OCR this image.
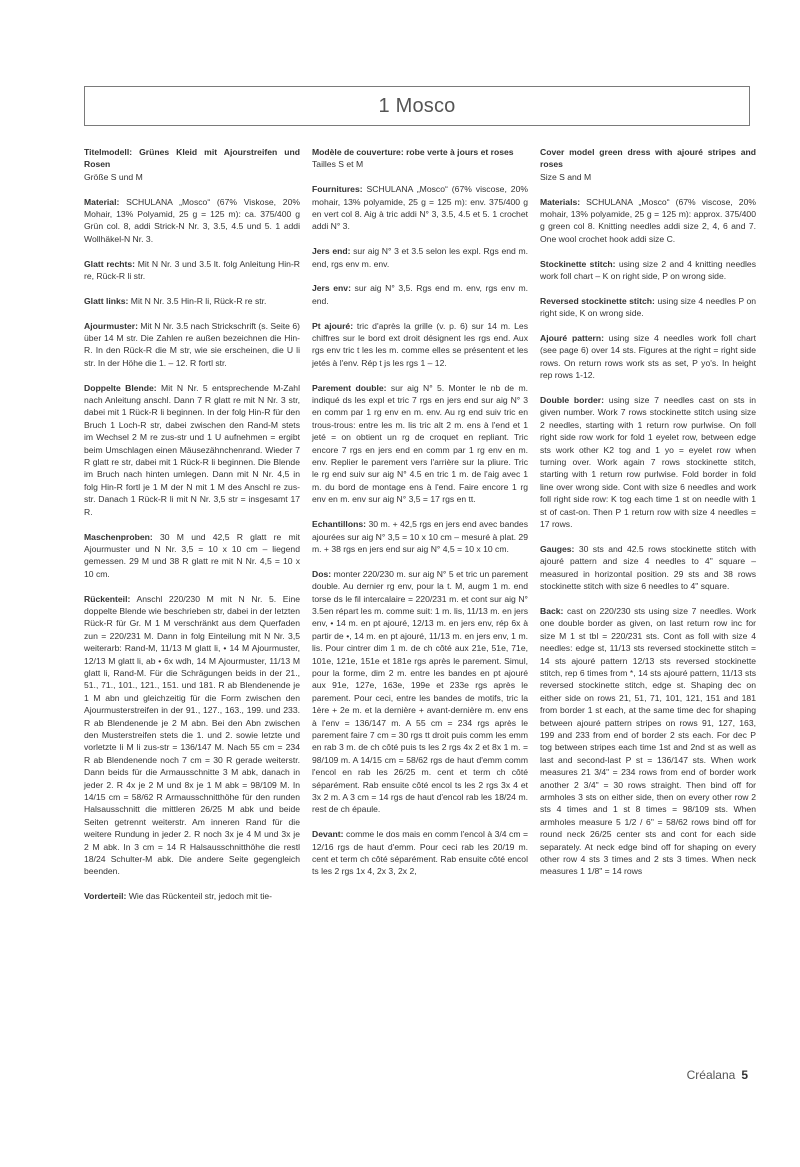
1 Mosco
Titelmodell: Grünes Kleid mit Ajourstreifen und Rosen
Größe S und M

Material: SCHULANA „Mosco“ (67% Viskose, 20% Mohair, 13% Polyamid, 25 g = 125 m): ca. 375/400 g Grün col. 8, addi Strick-N Nr. 3, 3.5, 4.5 und 5. 1 addi Wollhäkel-N Nr. 3.

Glatt rechts: Mit N Nr. 3 und 3.5 lt. folg Anleitung Hin-R re, Rück-R li str.

Glatt links: Mit N Nr. 3.5 Hin-R li, Rück-R re str.

Ajourmuster: Mit N Nr. 3.5 nach Strickschrift (s. Seite 6) über 14 M str. Die Zahlen re außen bezeichnen die Hin-R. In den Rück-R die M str, wie sie erscheinen, die U li str. In der Höhe die 1. – 12. R fortl str.

Doppelte Blende: Mit N Nr. 5 entsprechende M-Zahl nach Anleitung anschl. Dann 7 R glatt re mit N Nr. 3 str, dabei mit 1 Rück-R li beginnen. In der folg Hin-R für den Bruch 1 Loch-R str, dabei zwischen den Rand-M stets im Wechsel 2 M re zus-str und 1 U aufnehmen = ergibt beim Umschlagen einen Mäusezähnchenrand. Wieder 7 R glatt re str, dabei mit 1 Rück-R li beginnen. Die Blende im Bruch nach hinten umlegen. Dann mit N Nr. 4,5 in folg Hin-R fortl je 1 M der N mit 1 M des Anschl re zus-str. Danach 1 Rück-R li mit N Nr. 3,5 str = insgesamt 17 R.

Maschenproben: 30 M und 42,5 R glatt re mit Ajourmuster und N Nr. 3,5 = 10 x 10 cm – liegend gemessen. 29 M und 38 R glatt re mit N Nr. 4,5 = 10 x 10 cm.

Rückenteil: Anschl 220/230 M mit N Nr. 5. Eine doppelte Blende wie beschrieben str, dabei in der letzten Rück-R für Gr. M 1 M verschränkt aus dem Querfaden zun = 220/231 M. Dann in folg Einteilung mit N Nr. 3,5 weiterarb: Rand-M, 11/13 M glatt li, • 14 M Ajourmuster, 12/13 M glatt li, ab • 6x wdh, 14 M Ajourmuster, 11/13 M glatt li, Rand-M. Für die Schrägungen beids in der 21., 51., 71., 101., 121., 151. und 181. R ab Blendenende je 1 M abn und gleichzeitig für die Form zwischen den Ajourmusterstreifen in der 91., 127., 163., 199. und 233. R ab Blendenende je 2 M abn. Bei den Abn zwischen den Musterstreifen stets die 1. und 2. sowie letzte und vorletzte li M li zus-str = 136/147 M. Nach 55 cm = 234 R ab Blendenende noch 7 cm = 30 R gerade weiterstr. Dann beids für die Armausschnitte 3 M abk, danach in jeder 2. R 4x je 2 M und 8x je 1 M abk = 98/109 M. In 14/15 cm = 58/62 R Armausschnitthöhe für den runden Halsausschnitt die mittleren 26/25 M abk und beide Seiten getrennt weiterstr. Am inneren Rand für die weitere Rundung in jeder 2. R noch 3x je 4 M und 3x je 2 M abk. In 3 cm = 14 R Halsausschnitthöhe die restl 18/24 Schulter-M abk. Die andere Seite gegengleich beenden.

Vorderteil: Wie das Rückenteil str, jedoch mit tie-

Modèle de couverture: robe verte à jours et roses
Tailles S et M

Fournitures: SCHULANA „Mosco“ (67% viscose, 20% mohair, 13% polyamide, 25 g = 125 m): env. 375/400 g en vert col 8. Aig à tric addi N° 3, 3.5, 4.5 et 5. 1 crochet addi N° 3.

Jers end: sur aig N° 3 et 3.5 selon les expl. Rgs end m. end, rgs env m. env.

Jers env: sur aig N° 3,5. Rgs end m. env, rgs env m. end.

Pt ajouré: tric d'après la grille (v. p. 6) sur 14 m. Les chiffres sur le bord ext droit désignent les rgs end. Aux rgs env tric t les les m. comme elles se présentent et les jetés à l'env. Rép t js les rgs 1 – 12.

Parement double: sur aig N° 5. Monter le nb de m. indiqué ds les expl et tric 7 rgs en jers end sur aig N° 3 en comm par 1 rg env en m. env. Au rg end suiv tric en trous-trous: entre les m. lis tric alt 2 m. ens à l'end et 1 jeté = on obtient un rg de croquet en repliant. Tric encore 7 rgs en jers end en comm par 1 rg env en m. env. Replier le parement vers l'arrière sur la pliure. Tric le rg end suiv sur aig N° 4.5 en tric 1 m. de l'aig avec 1 m. du bord de montage ens à l'end. Faire encore 1 rg env en m. env sur aig N° 3,5 = 17 rgs en tt.

Echantillons: 30 m. + 42,5 rgs en jers end avec bandes ajourées sur aig N° 3,5 = 10 x 10 cm – mesuré à plat. 29 m. + 38 rgs en jers end sur aig N° 4,5 = 10 x 10 cm.

Dos: monter 220/230 m. sur aig N° 5 et tric un parement double. Au dernier rg env, pour la t. M, augm 1 m. end torse ds le fil intercalaire = 220/231 m. et cont sur aig N° 3.5en répart les m. comme suit: 1 m. lis, 11/13 m. en jers env, • 14 m. en pt ajouré, 12/13 m. en jers env, rép 6x à partir de •, 14 m. en pt ajouré, 11/13 m. en jers env, 1 m. lis. Pour cintrer dim 1 m. de ch côté aux 21e, 51e, 71e, 101e, 121e, 151e et 181e rgs après le parement. Simul, pour la forme, dim 2 m. entre les bandes en pt ajouré aux 91e, 127e, 163e, 199e et 233e rgs après le parement. Pour ceci, entre les bandes de motifs, tric la 1ère + 2e m. et la dernière + avant-dernière m. env ens à l'env = 136/147 m. A 55 cm = 234 rgs après le parement faire 7 cm = 30 rgs tt droit puis comm les emm en rab 3 m. de ch côté puis ts les 2 rgs 4x 2 et 8x 1 m. = 98/109 m. A 14/15 cm = 58/62 rgs de haut d'emm comm l'encol en rab les 26/25 m. cent et term ch côté séparément. Rab ensuite côté encol ts les 2 rgs 3x 4 et 3x 2 m. A 3 cm = 14 rgs de haut d'encol rab les 18/24 m. rest de ch épaule.

Devant: comme le dos mais en comm l'encol à 3/4 cm = 12/16 rgs de haut d'emm. Pour ceci rab les 20/19 m. cent et term ch côté séparément. Rab ensuite côté encol ts les 2 rgs 1x 4, 2x 3, 2x 2,

Cover model green dress with ajouré stripes and roses
Size S and M

Materials: SCHULANA „Mosco“ (67% viscose, 20% mohair, 13% polyamide, 25 g = 125 m): approx. 375/400 g green col 8. Knitting needles addi size 2, 4, 6 and 7. One wool crochet hook addi size C.

Stockinette stitch: using size 2 and 4 knitting needles work foll chart – K on right side, P on wrong side.

Reversed stockinette stitch: using size 4 needles P on right side, K on wrong side.

Ajouré pattern: using size 4 needles work foll chart (see page 6) over 14 sts. Figures at the right = right side rows. On return rows work sts as set, P yo's. In height rep rows 1-12.

Double border: using size 7 needles cast on sts in given number. Work 7 rows stockinette stitch using size 2 needles, starting with 1 return row purlwise. On foll right side row work for fold 1 eyelet row, between edge sts work other K2 tog and 1 yo = eyelet row when turning over. Work again 7 rows stockinette stitch, starting with 1 return row purlwise. Fold border in fold line over wrong side. Cont with size 6 needles and work foll right side row: K tog each time 1 st on needle with 1 st of cast-on. Then P 1 return row with size 4 needles = 17 rows.

Gauges: 30 sts and 42.5 rows stockinette stitch with ajouré pattern and size 4 needles to 4" square – measured in horizontal position. 29 sts and 38 rows stockinette stitch with size 6 needles to 4" square.

Back: cast on 220/230 sts using size 7 needles. Work one double border as given, on last return row inc for size M 1 st tbl = 220/231 sts. Cont as foll with size 4 needles: edge st, 11/13 sts reversed stockinette stitch = 14 sts ajouré pattern 12/13 sts reversed stockinette stitch, rep 6 times from *, 14 sts ajouré pattern, 11/13 sts reversed stockinette stitch, edge st. Shaping dec on either side on rows 21, 51, 71, 101, 121, 151 and 181 from border 1 st each, at the same time dec for shaping between ajouré pattern stripes on rows 91, 127, 163, 199 and 233 from end of border 2 sts each. For dec P tog between stripes each time 1st and 2nd st as well as last and second-last P st = 136/147 sts. When work measures 21 3/4" = 234 rows from end of border work another 2 3/4" = 30 rows straight. Then bind off for armholes 3 sts on either side, then on every other row 2 sts 4 times and 1 st 8 times = 98/109 sts. When armholes measure 5 1/2 / 6" = 58/62 rows bind off for round neck 26/25 center sts and cont for each side separately. At neck edge bind off for shaping on every other row 4 sts 3 times and 2 sts 3 times. When neck measures 1 1/8" = 14 rows

Créalana 5
